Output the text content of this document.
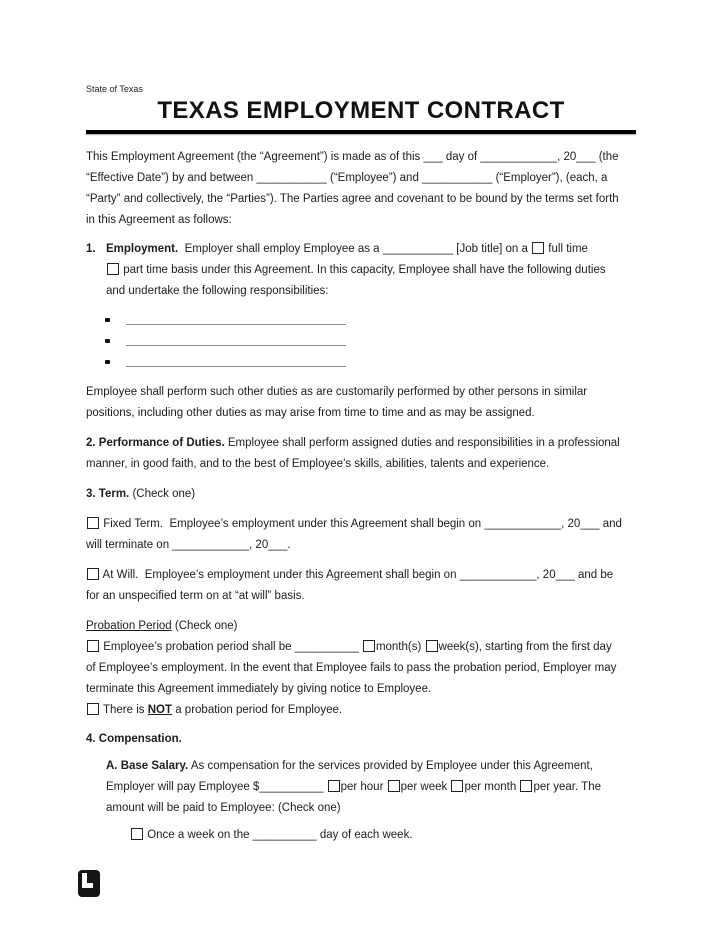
State of Texas
TEXAS EMPLOYMENT CONTRACT
This Employment Agreement (the “Agreement”) is made as of this ___ day of ____________, 20___ (the
“Effective Date”) by and between ___________ (“Employee”) and ___________ (“Employer”), (each, a
“Party” and collectively, the “Parties”). The Parties agree and covenant to be bound by the terms set forth
in this Agreement as follows:
1. Employment.  Employer shall employ Employee as a ___________ [Job title] on a  full time
part time basis under this Agreement. In this capacity, Employee shall have the following duties
and undertake the following responsibilities:
Employee shall perform such other duties as are customarily performed by other persons in similar
positions, including other duties as may arise from time to time and as may be assigned.
2. Performance of Duties. Employee shall perform assigned duties and responsibilities in a professional
manner, in good faith, and to the best of Employee’s skills, abilities, talents and experience.
3. Term. (Check one)
Fixed Term.  Employee’s employment under this Agreement shall begin on ____________, 20___ and
will terminate on ____________, 20___.
At Will.  Employee’s employment under this Agreement shall begin on ____________, 20___ and be
for an unspecified term on at “at will” basis.
Probation Period (Check one)
Employee’s probation period shall be __________ month(s) week(s), starting from the first day
of Employee’s employment. In the event that Employee fails to pass the probation period, Employer may
terminate this Agreement immediately by giving notice to Employee.
There is NOT a probation period for Employee.
4. Compensation.
A. Base Salary. As compensation for the services provided by Employee under this Agreement,
Employer will pay Employee $__________ per hour per week per month per year. The
amount will be paid to Employee: (Check one)
Once a week on the __________ day of each week.
